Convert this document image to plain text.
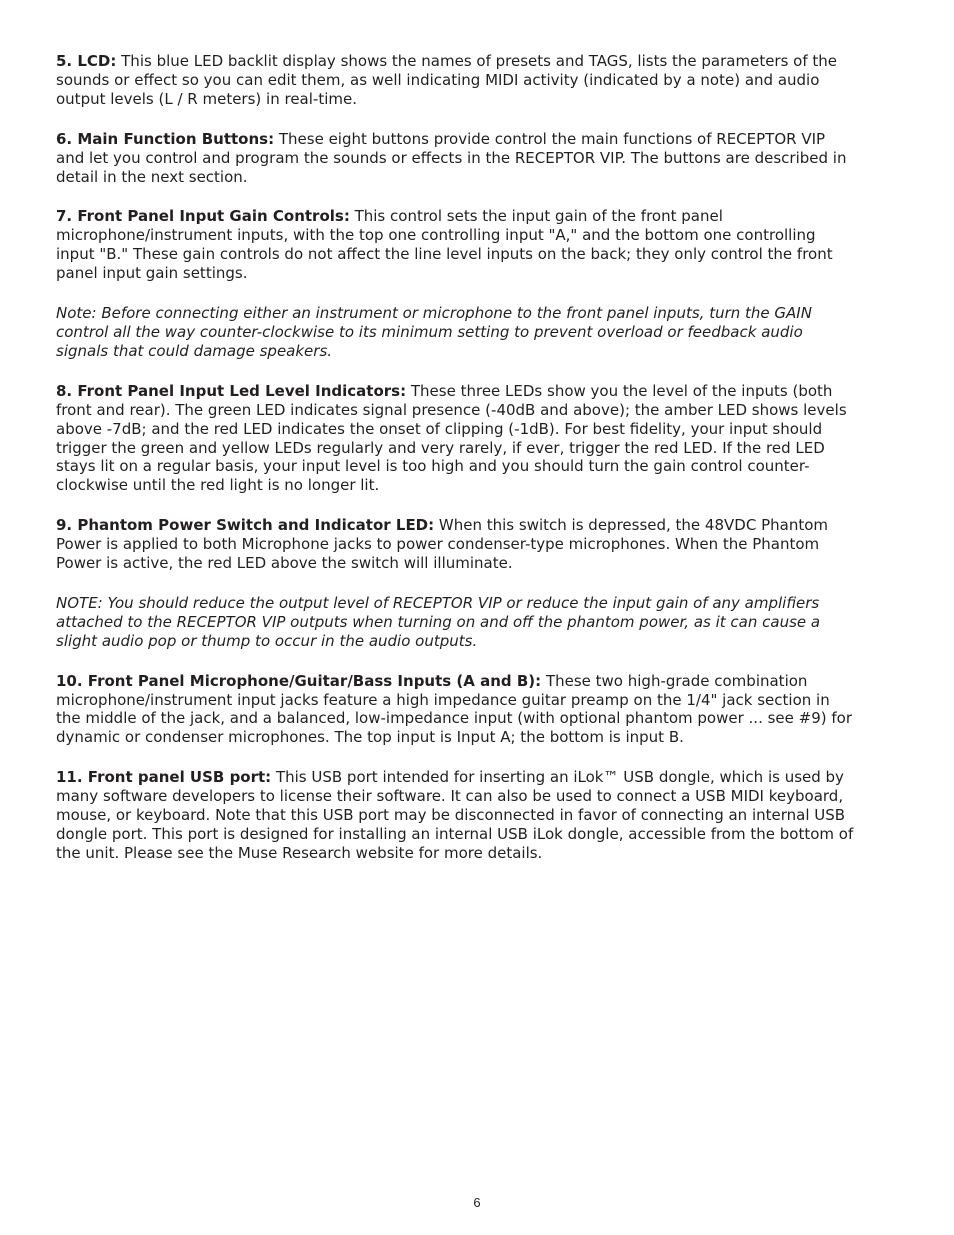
5. LCD: This blue LED backlit display shows the names of presets and TAGS, lists the parameters of the sounds or effect so you can edit them, as well indicating MIDI activity (indicated by a note) and audio output levels (L / R meters) in real-time.

6. Main Function Buttons: These eight buttons provide control the main functions of RECEPTOR VIP and let you control and program the sounds or effects in the RECEPTOR VIP. The buttons are described in detail in the next section.

7. Front Panel Input Gain Controls: This control sets the input gain of the front panel microphone/instrument inputs, with the top one controlling input "A," and the bottom one controlling input "B." These gain controls do not affect the line level inputs on the back; they only control the front panel input gain settings.

Note: Before connecting either an instrument or microphone to the front panel inputs, turn the GAIN control all the way counter-clockwise to its minimum setting to prevent overload or feedback audio signals that could damage speakers.

8. Front Panel Input Led Level Indicators: These three LEDs show you the level of the inputs (both front and rear). The green LED indicates signal presence (-40dB and above); the amber LED shows levels above -7dB; and the red LED indicates the onset of clipping (-1dB). For best fidelity, your input should trigger the green and yellow LEDs regularly and very rarely, if ever, trigger the red LED. If the red LED stays lit on a regular basis, your input level is too high and you should turn the gain control counter-clockwise until the red light is no longer lit.

9. Phantom Power Switch and Indicator LED: When this switch is depressed, the 48VDC Phantom Power is applied to both Microphone jacks to power condenser-type microphones. When the Phantom Power is active, the red LED above the switch will illuminate.

NOTE: You should reduce the output level of RECEPTOR VIP or reduce the input gain of any amplifiers attached to the RECEPTOR VIP outputs when turning on and off the phantom power, as it can cause a slight audio pop or thump to occur in the audio outputs.

10. Front Panel Microphone/Guitar/Bass Inputs (A and B): These two high-grade combination microphone/instrument input jacks feature a high impedance guitar preamp on the 1/4" jack section in the middle of the jack, and a balanced, low-impedance input (with optional phantom power ... see #9) for dynamic or condenser microphones. The top input is Input A; the bottom is input B.

11. Front panel USB port: This USB port intended for inserting an iLok™ USB dongle, which is used by many software developers to license their software. It can also be used to connect a USB MIDI keyboard, mouse, or keyboard. Note that this USB port may be disconnected in favor of connecting an internal USB dongle port. This port is designed for installing an internal USB iLok dongle, accessible from the bottom of the unit. Please see the Muse Research website for more details.

6
